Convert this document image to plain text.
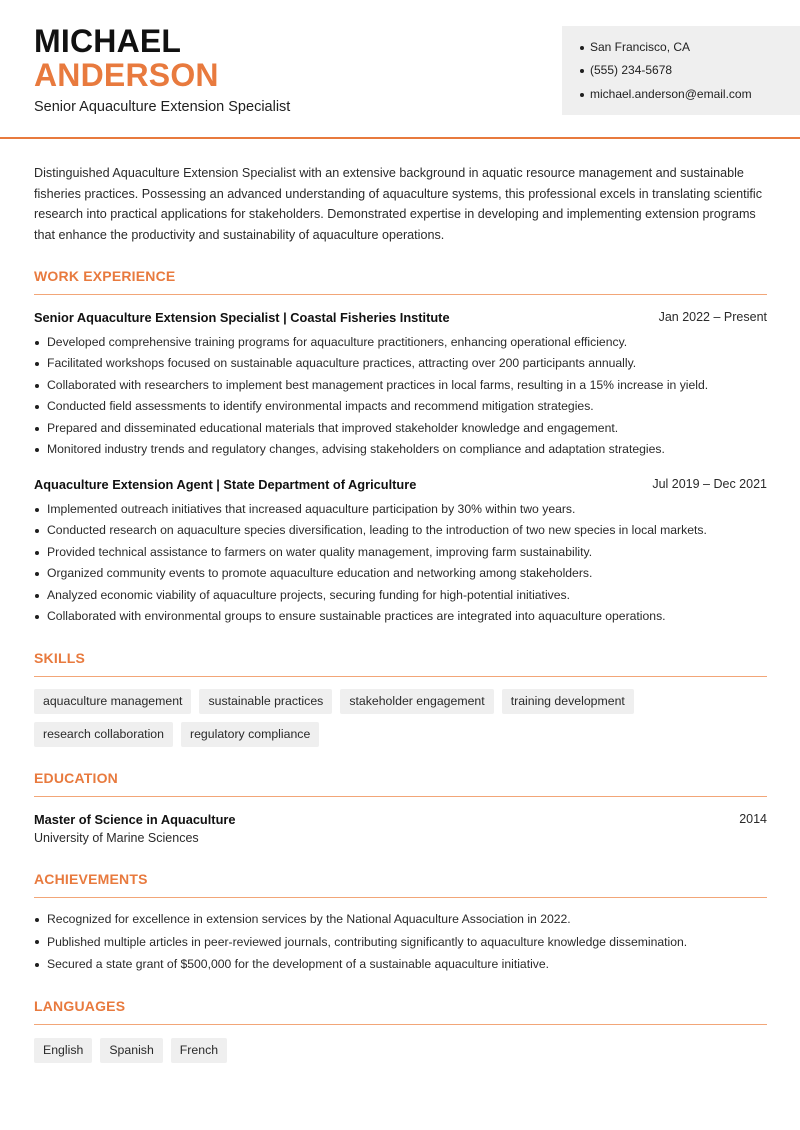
MICHAEL
ANDERSON
Senior Aquaculture Extension Specialist
San Francisco, CA
(555) 234-5678
michael.anderson@email.com

Distinguished Aquaculture Extension Specialist with an extensive background in aquatic resource management and sustainable fisheries practices. Possessing an advanced understanding of aquaculture systems, this professional excels in translating scientific research into practical applications for stakeholders. Demonstrated expertise in developing and implementing extension programs that enhance the productivity and sustainability of aquaculture operations.

WORK EXPERIENCE
Senior Aquaculture Extension Specialist | Coastal Fisheries Institute	Jan 2022 – Present
Developed comprehensive training programs for aquaculture practitioners, enhancing operational efficiency.
Facilitated workshops focused on sustainable aquaculture practices, attracting over 200 participants annually.
Collaborated with researchers to implement best management practices in local farms, resulting in a 15% increase in yield.
Conducted field assessments to identify environmental impacts and recommend mitigation strategies.
Prepared and disseminated educational materials that improved stakeholder knowledge and engagement.
Monitored industry trends and regulatory changes, advising stakeholders on compliance and adaptation strategies.
Aquaculture Extension Agent | State Department of Agriculture	Jul 2019 – Dec 2021
Implemented outreach initiatives that increased aquaculture participation by 30% within two years.
Conducted research on aquaculture species diversification, leading to the introduction of two new species in local markets.
Provided technical assistance to farmers on water quality management, improving farm sustainability.
Organized community events to promote aquaculture education and networking among stakeholders.
Analyzed economic viability of aquaculture projects, securing funding for high-potential initiatives.
Collaborated with environmental groups to ensure sustainable practices are integrated into aquaculture operations.
SKILLS
aquaculture management	sustainable practices	stakeholder engagement	training development
research collaboration	regulatory compliance
EDUCATION
Master of Science in Aquaculture	2014
University of Marine Sciences
ACHIEVEMENTS
Recognized for excellence in extension services by the National Aquaculture Association in 2022.
Published multiple articles in peer-reviewed journals, contributing significantly to aquaculture knowledge dissemination.
Secured a state grant of $500,000 for the development of a sustainable aquaculture initiative.
LANGUAGES
English	Spanish	French
